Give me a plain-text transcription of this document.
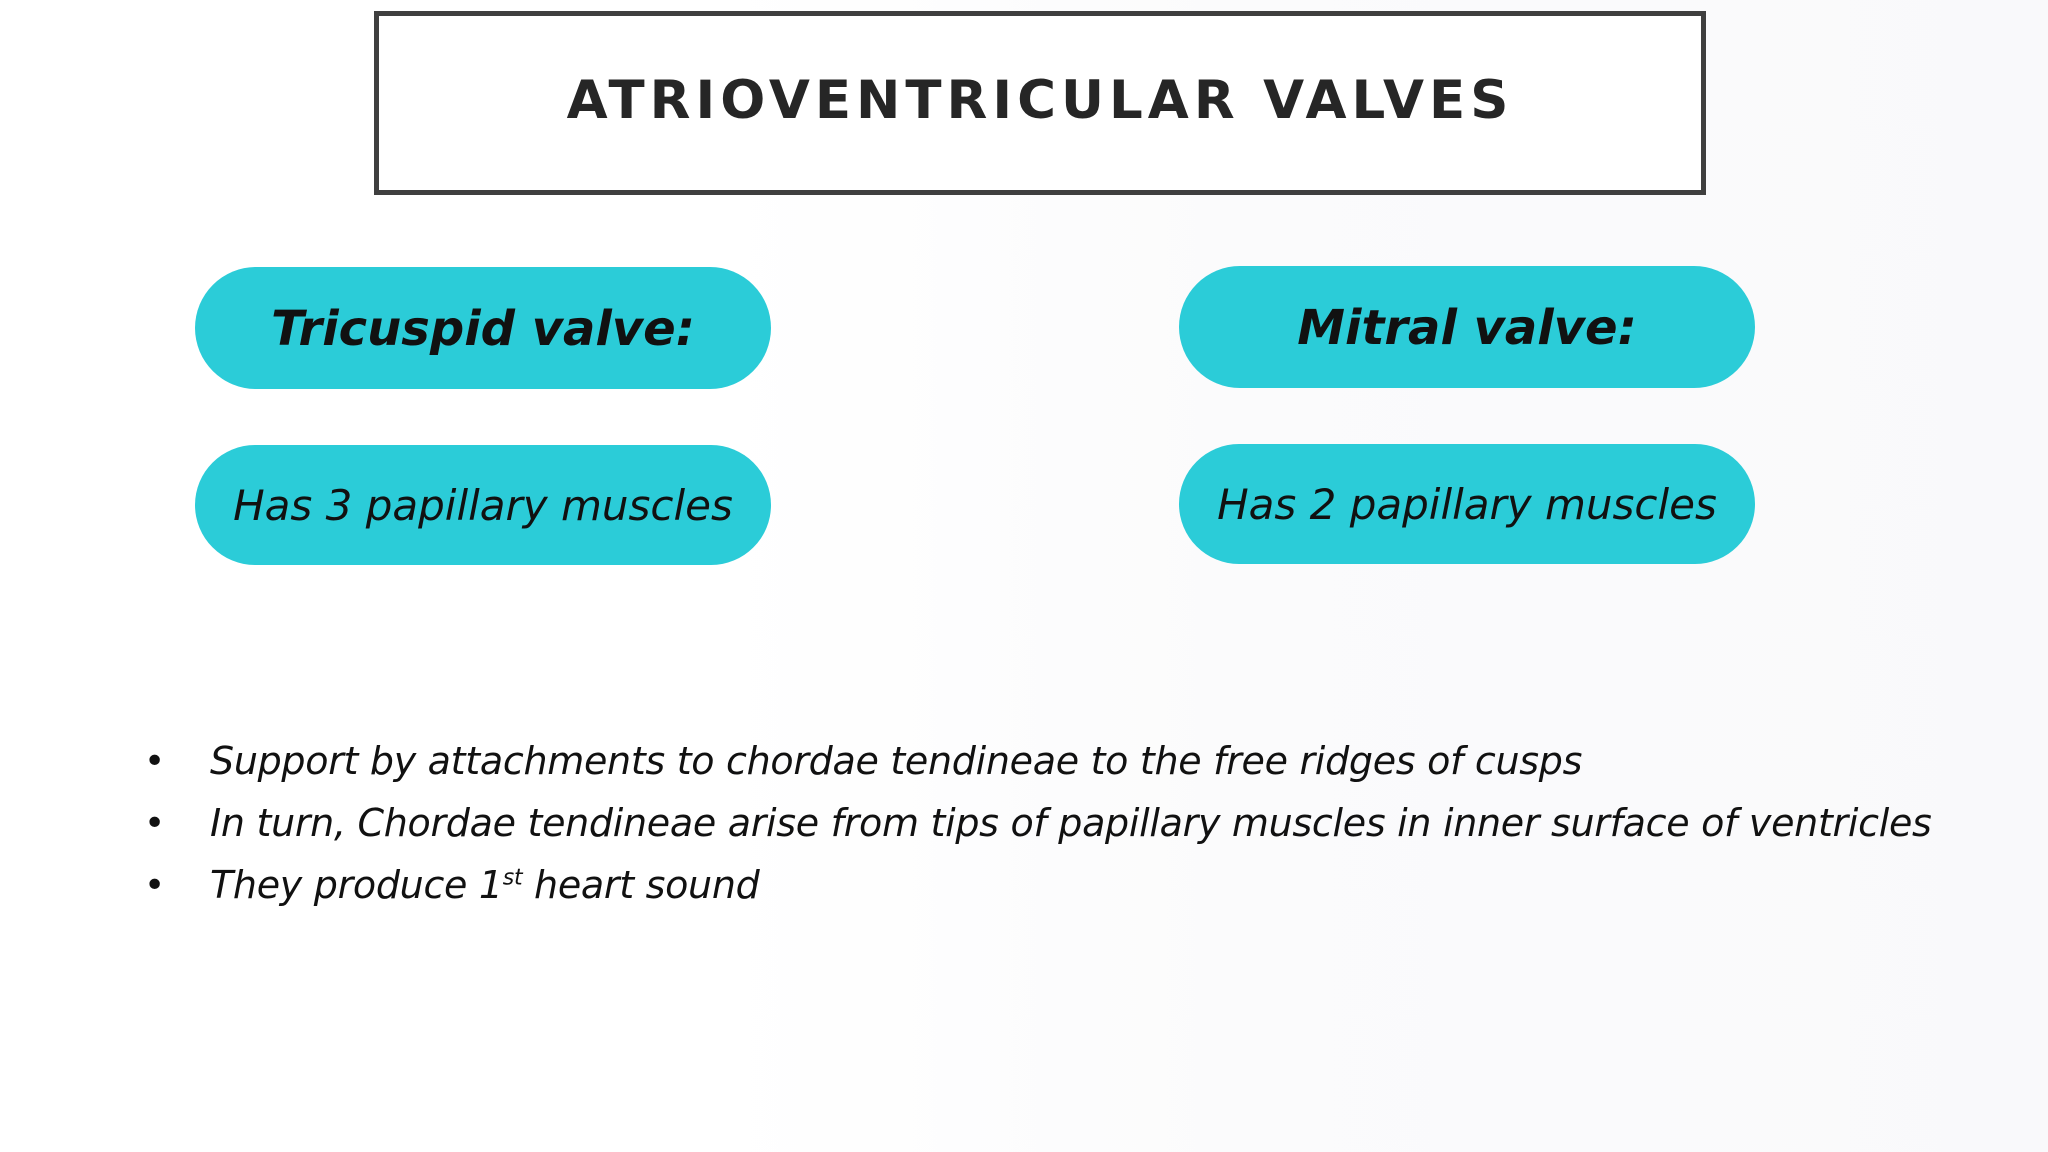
ATRIOVENTRICULAR VALVES
Tricuspid valve:
Has 3 papillary muscles
Mitral valve:
Has 2 papillary muscles
•	Support by attachments to chordae tendineae to the free ridges of cusps
•	In turn, Chordae tendineae arise from tips of papillary muscles in inner surface of ventricles
•	They produce 1st heart sound
